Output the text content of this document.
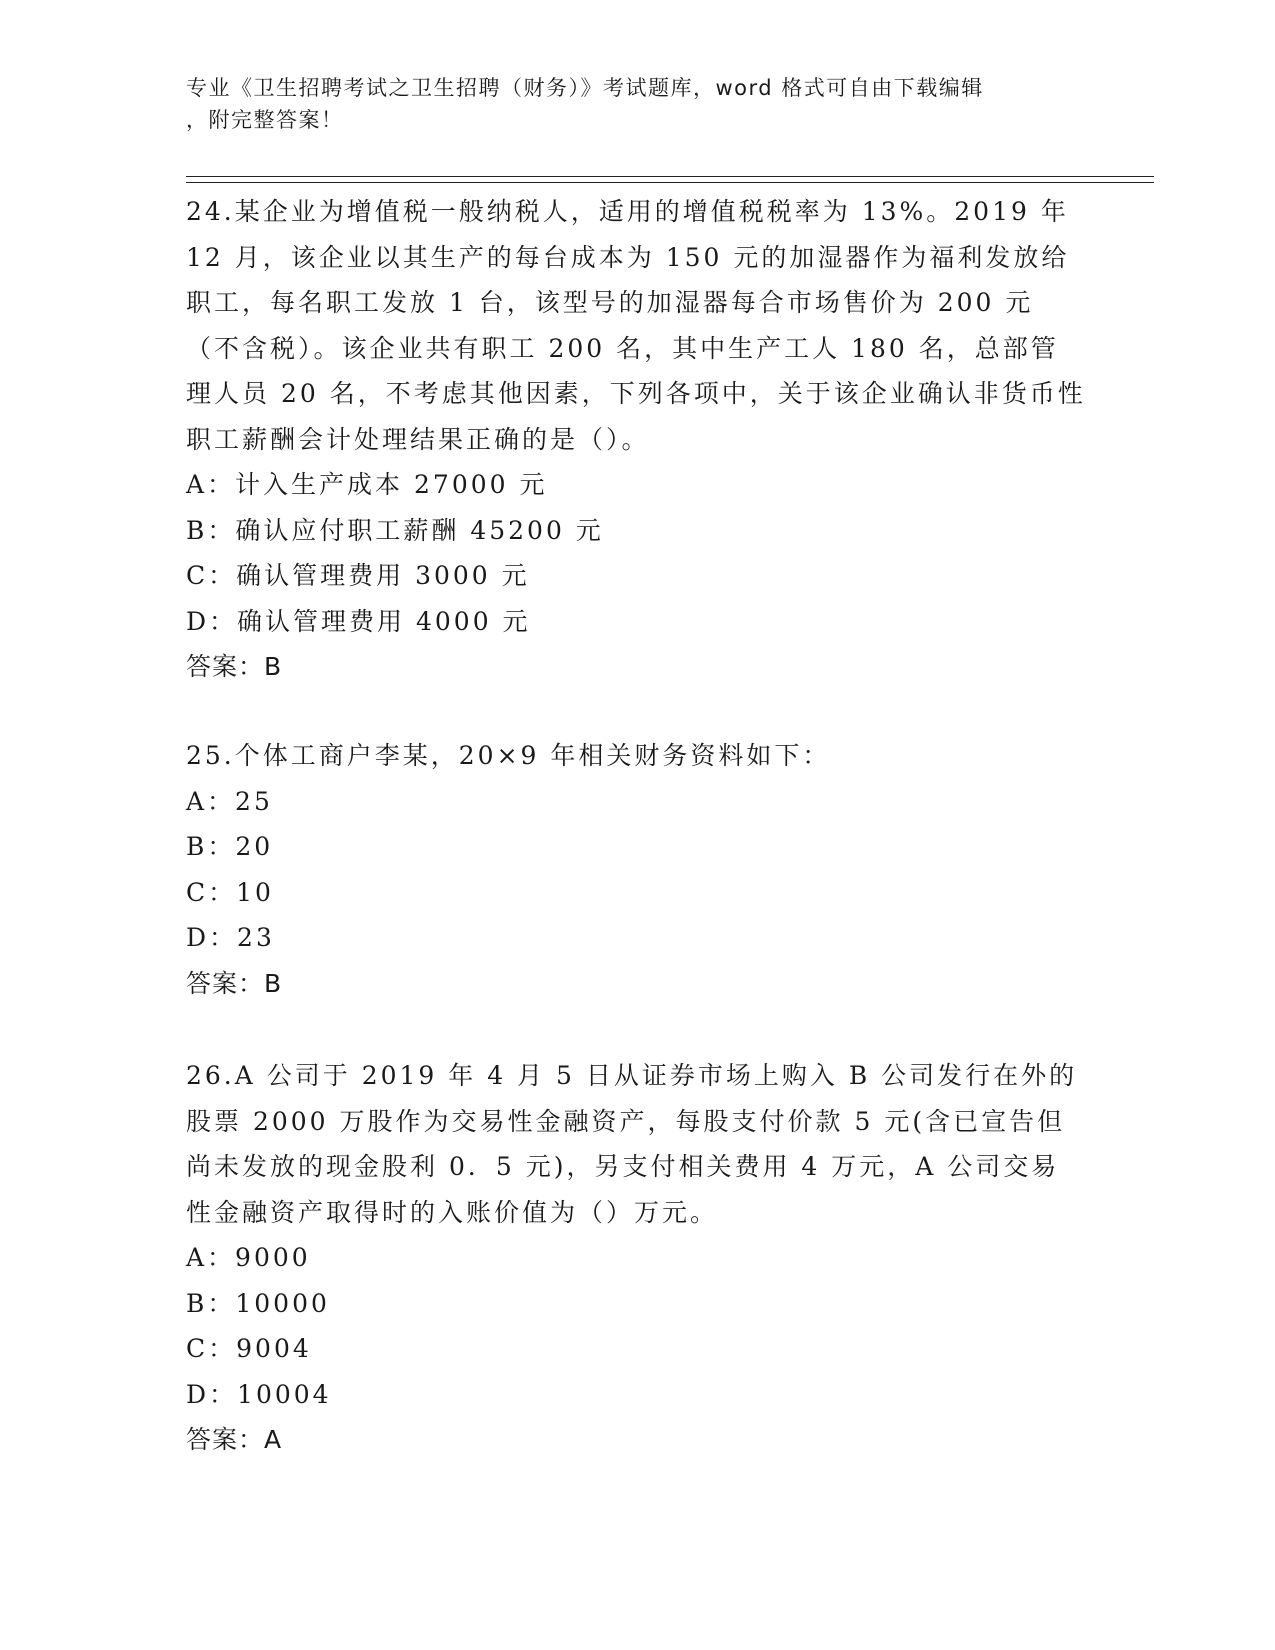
专业《卫生招聘考试之卫生招聘（财务）》考试题库，word 格式可自由下载编辑
，附完整答案！

24.某企业为增值税一般纳税人，适用的增值税税率为 13%。2019 年 12 月，该企业以其生产的每台成本为 150 元的加湿器作为福利发放给职工，每名职工发放 1 台，该型号的加湿器每合市场售价为 200 元（不含税）。该企业共有职工 200 名，其中生产工人 180 名，总部管理人员 20 名，不考虑其他因素，下列各项中，关于该企业确认非货币性职工薪酬会计处理结果正确的是（）。

A：计入生产成本 27000 元

B：确认应付职工薪酬 45200 元

C：确认管理费用 3000 元

D：确认管理费用 4000 元

答案：B

25.个体工商户李某，20×9 年相关财务资料如下：

A：25

B：20

C：10

D：23

答案：B

26.A 公司于 2019 年 4 月 5 日从证券市场上购入 B 公司发行在外的股票 2000 万股作为交易性金融资产，每股支付价款 5 元(含已宣告但尚未发放的现金股利 0．5 元)，另支付相关费用 4 万元，A 公司交易性金融资产取得时的入账价值为（）万元。

A：9000

B：10000

C：9004

D：10004

答案：A
